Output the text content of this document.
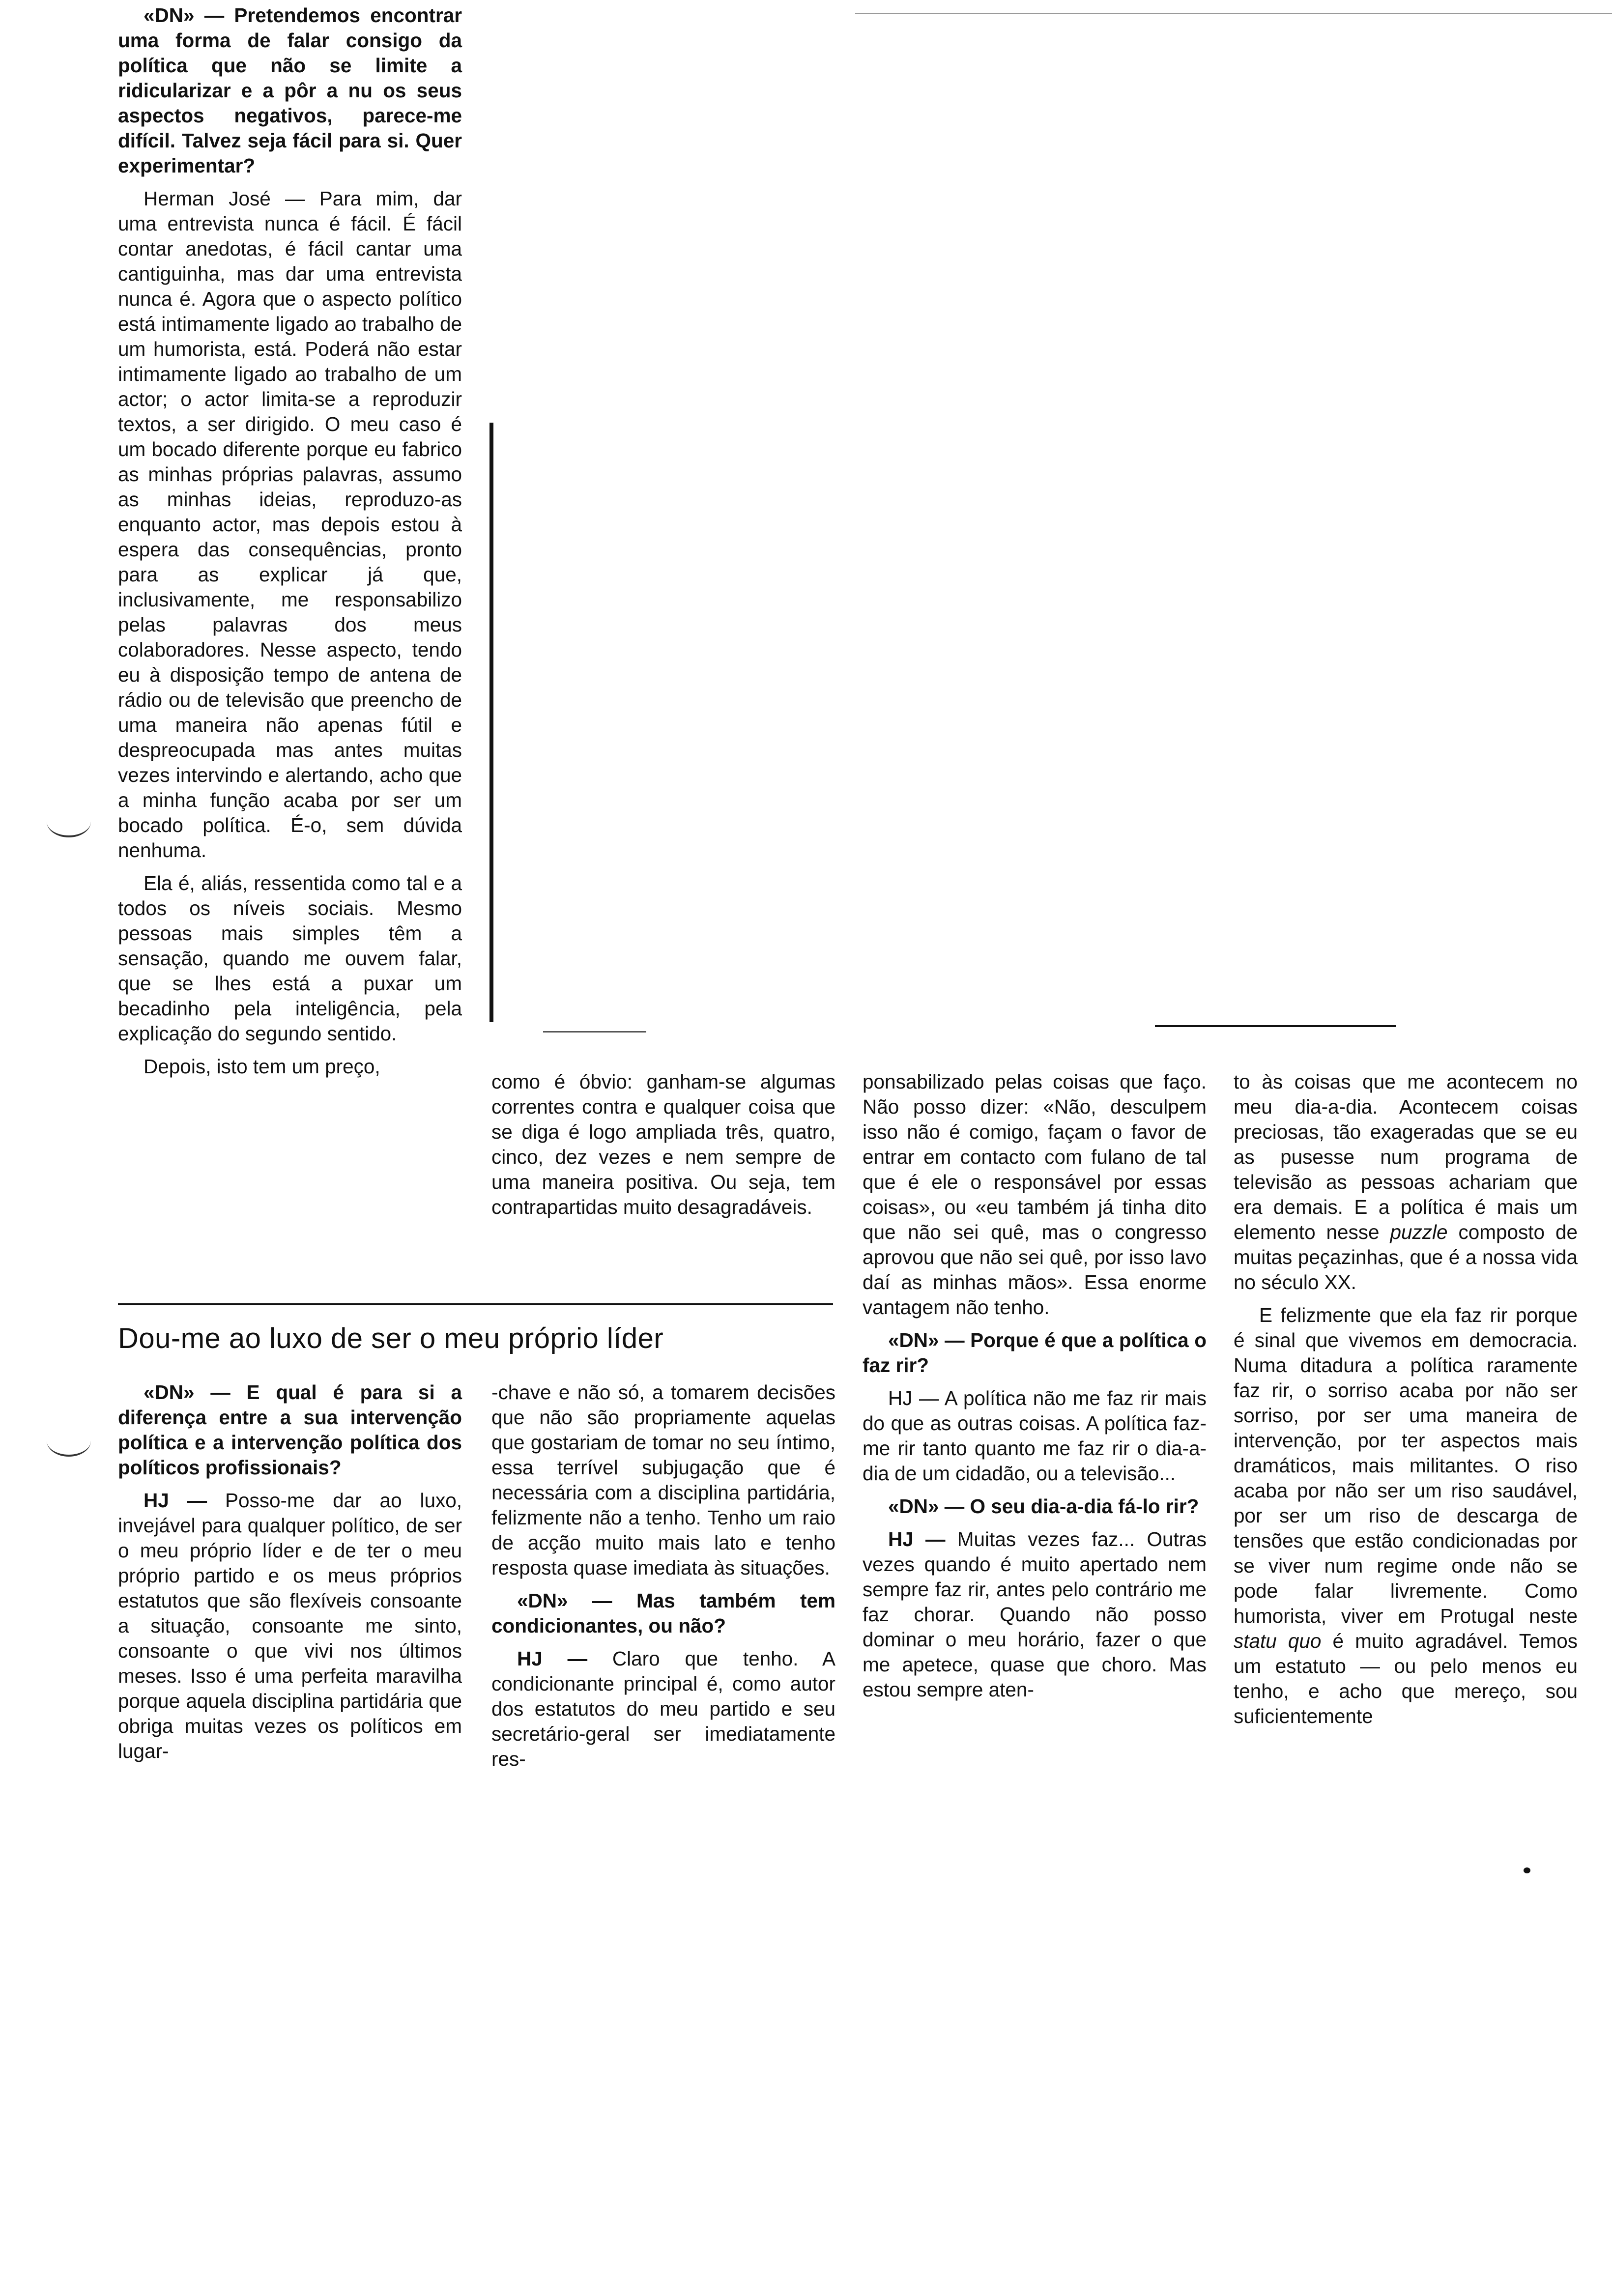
«DN» — Pretendemos encontrar uma forma de falar consigo da política que não se limite a ridicularizar e a pôr a nu os seus aspectos negativos, parece-me difícil. Talvez seja fácil para si. Quer experimentar?

Herman José — Para mim, dar uma entrevista nunca é fácil. É fácil contar anedotas, é fácil cantar uma cantiguinha, mas dar uma entrevista nunca é. Agora que o aspecto político está intimamente ligado ao trabalho de um humorista, está. Poderá não estar intimamente ligado ao trabalho de um actor; o actor limita-se a reproduzir textos, a ser dirigido. O meu caso é um bocado diferente porque eu fabrico as minhas próprias palavras, assumo as minhas ideias, reproduzo-as enquanto actor, mas depois estou à espera das consequências, pronto para as explicar já que, inclusivamente, me responsabilizo pelas palavras dos meus colaboradores. Nesse aspecto, tendo eu à disposição tempo de antena de rádio ou de televisão que preencho de uma maneira não apenas fútil e despreocupada mas antes muitas vezes intervindo e alertando, acho que a minha função acaba por ser um bocado política. É-o, sem dúvida nenhuma.

Ela é, aliás, ressentida como tal e a todos os níveis sociais. Mesmo pessoas mais simples têm a sensação, quando me ouvem falar, que se lhes está a puxar um becadinho pela inteligência, pela explicação do segundo sentido.

Depois, isto tem um preço,

como é óbvio: ganham-se algumas correntes contra e qualquer coisa que se diga é logo ampliada três, quatro, cinco, dez vezes e nem sempre de uma maneira positiva. Ou seja, tem contrapartidas muito desagradáveis.

Dou-me ao luxo de ser o meu próprio líder

«DN» — E qual é para si a diferença entre a sua intervenção política e a intervenção política dos políticos profissionais?

HJ — Posso-me dar ao luxo, invejável para qualquer político, de ser o meu próprio líder e de ter o meu próprio partido e os meus próprios estatutos que são flexíveis consoante a situação, consoante me sinto, consoante o que vivi nos últimos meses. Isso é uma perfeita maravilha porque aquela disciplina partidária que obriga muitas vezes os políticos em lugar-

-chave e não só, a tomarem decisões que não são propriamente aquelas que gostariam de tomar no seu íntimo, essa terrível subjugação que é necessária com a disciplina partidária, felizmente não a tenho. Tenho um raio de acção muito mais lato e tenho resposta quase imediata às situações.

«DN» — Mas também tem condicionantes, ou não?

HJ — Claro que tenho. A condicionante principal é, como autor dos estatutos do meu partido e seu secretário-geral ser imediatamente res-

ponsabilizado pelas coisas que faço. Não posso dizer: «Não, desculpem isso não é comigo, façam o favor de entrar em contacto com fulano de tal que é ele o responsável por essas coisas», ou «eu também já tinha dito que não sei quê, mas o congresso aprovou que não sei quê, por isso lavo daí as minhas mãos». Essa enorme vantagem não tenho.

«DN» — Porque é que a política o faz rir?

HJ — A política não me faz rir mais do que as outras coisas. A política faz-me rir tanto quanto me faz rir o dia-a-dia de um cidadão, ou a televisão...

«DN» — O seu dia-a-dia fá-lo rir?

HJ — Muitas vezes faz... Outras vezes quando é muito apertado nem sempre faz rir, antes pelo contrário me faz chorar. Quando não posso dominar o meu horário, fazer o que me apetece, quase que choro. Mas estou sempre aten-

to às coisas que me acontecem no meu dia-a-dia. Acontecem coisas preciosas, tão exageradas que se eu as pusesse num programa de televisão as pessoas achariam que era demais. E a política é mais um elemento nesse puzzle composto de muitas peçazinhas, que é a nossa vida no século XX.

E felizmente que ela faz rir porque é sinal que vivemos em democracia. Numa ditadura a política raramente faz rir, o sorriso acaba por não ser sorriso, por ser uma maneira de intervenção, por ter aspectos mais dramáticos, mais militantes. O riso acaba por não ser um riso saudável, por ser um riso de descarga de tensões que estão condicionadas por se viver num regime onde não se pode falar livremente. Como humorista, viver em Protugal neste statu quo é muito agradável. Temos um estatuto — ou pelo menos eu tenho, e acho que mereço, sou suficientemente
